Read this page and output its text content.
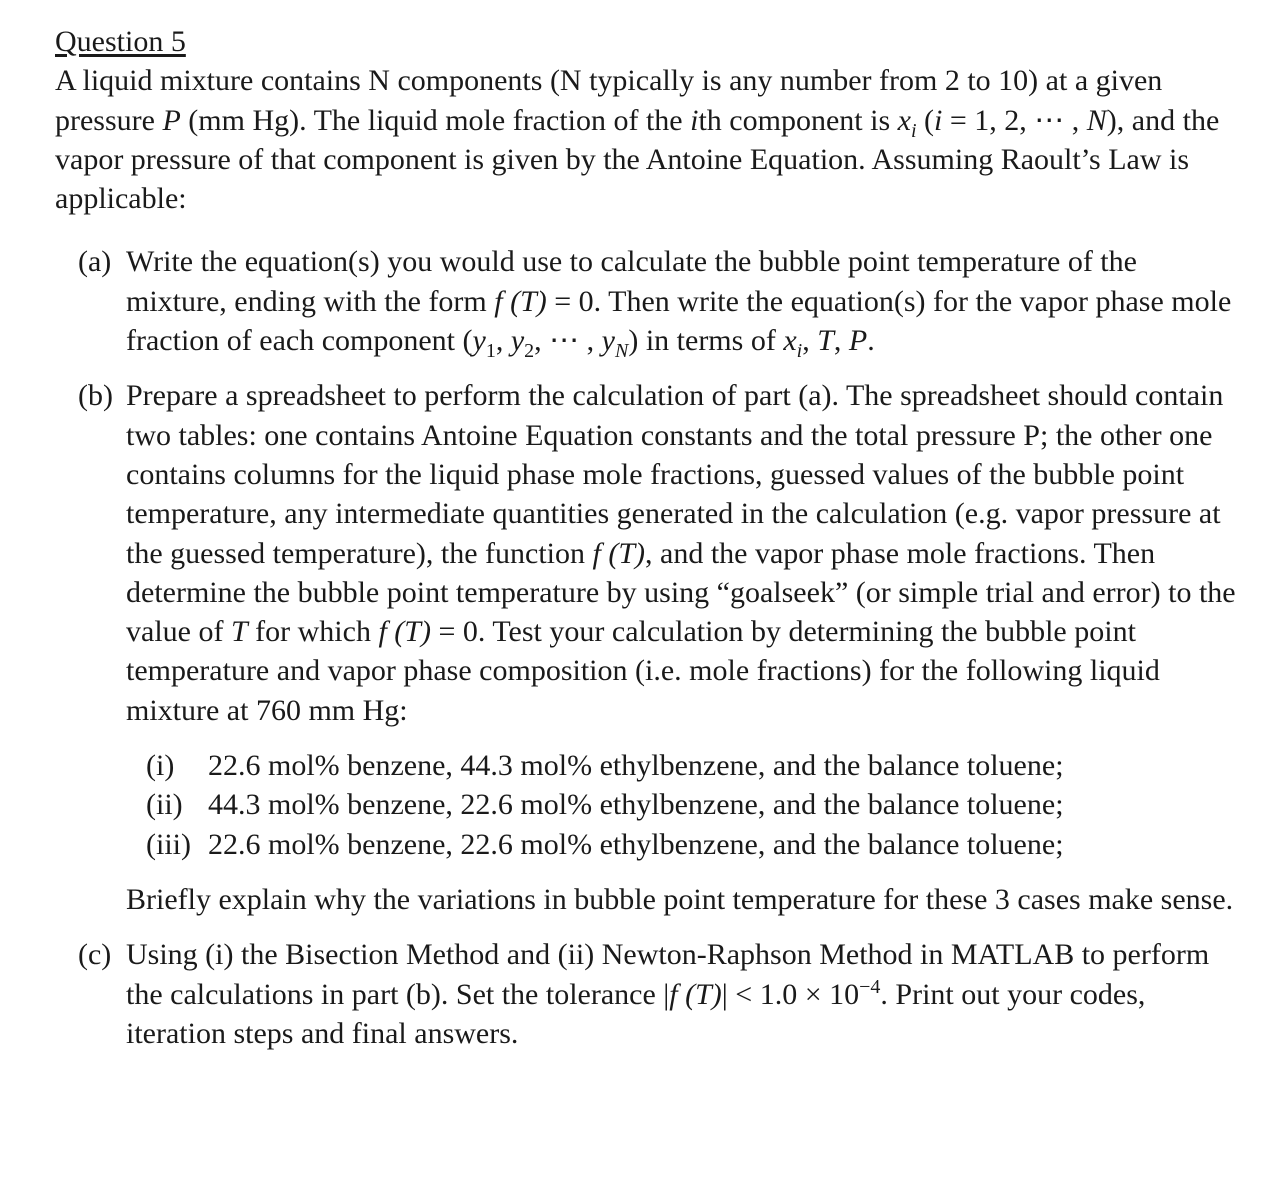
Question 5

A liquid mixture contains N components (N typically is any number from 2 to 10) at a given pressure P (mm Hg). The liquid mole fraction of the ith component is $x_i$ (i = 1, 2, ⋯ , N), and the vapor pressure of that component is given by the Antoine Equation. Assuming Raoult’s Law is applicable:

(a) Write the equation(s) you would use to calculate the bubble point temperature of the mixture, ending with the form f (T) = 0. Then write the equation(s) for the vapor phase mole fraction of each component ($y_1$, $y_2$, ⋯ , $y_N$) in terms of $x_i$, T, P.
(b) Prepare a spreadsheet to perform the calculation of part (a). The spreadsheet should contain two tables: one contains Antoine Equation constants and the total pressure P; the other one contains columns for the liquid phase mole fractions, guessed values of the bubble point temperature, any intermediate quantities generated in the calculation (e.g. vapor pressure at the guessed temperature), the function f (T), and the vapor phase mole fractions. Then determine the bubble point temperature by using “goalseek” (or simple trial and error) to the value of T for which f (T) = 0. Test your calculation by determining the bubble point temperature and vapor phase composition (i.e. mole fractions) for the following liquid mixture at 760 mm Hg:
(i) 22.6 mol% benzene, 44.3 mol% ethylbenzene, and the balance toluene;
(ii) 44.3 mol% benzene, 22.6 mol% ethylbenzene, and the balance toluene;
(iii) 22.6 mol% benzene, 22.6 mol% ethylbenzene, and the balance toluene;
Briefly explain why the variations in bubble point temperature for these 3 cases make sense.
(c) Using (i) the Bisection Method and (ii) Newton-Raphson Method in MATLAB to perform the calculations in part (b). Set the tolerance |f $(T)| < 1.0 \times 10^{-4}$. Print out your codes, iteration steps and final answers.
